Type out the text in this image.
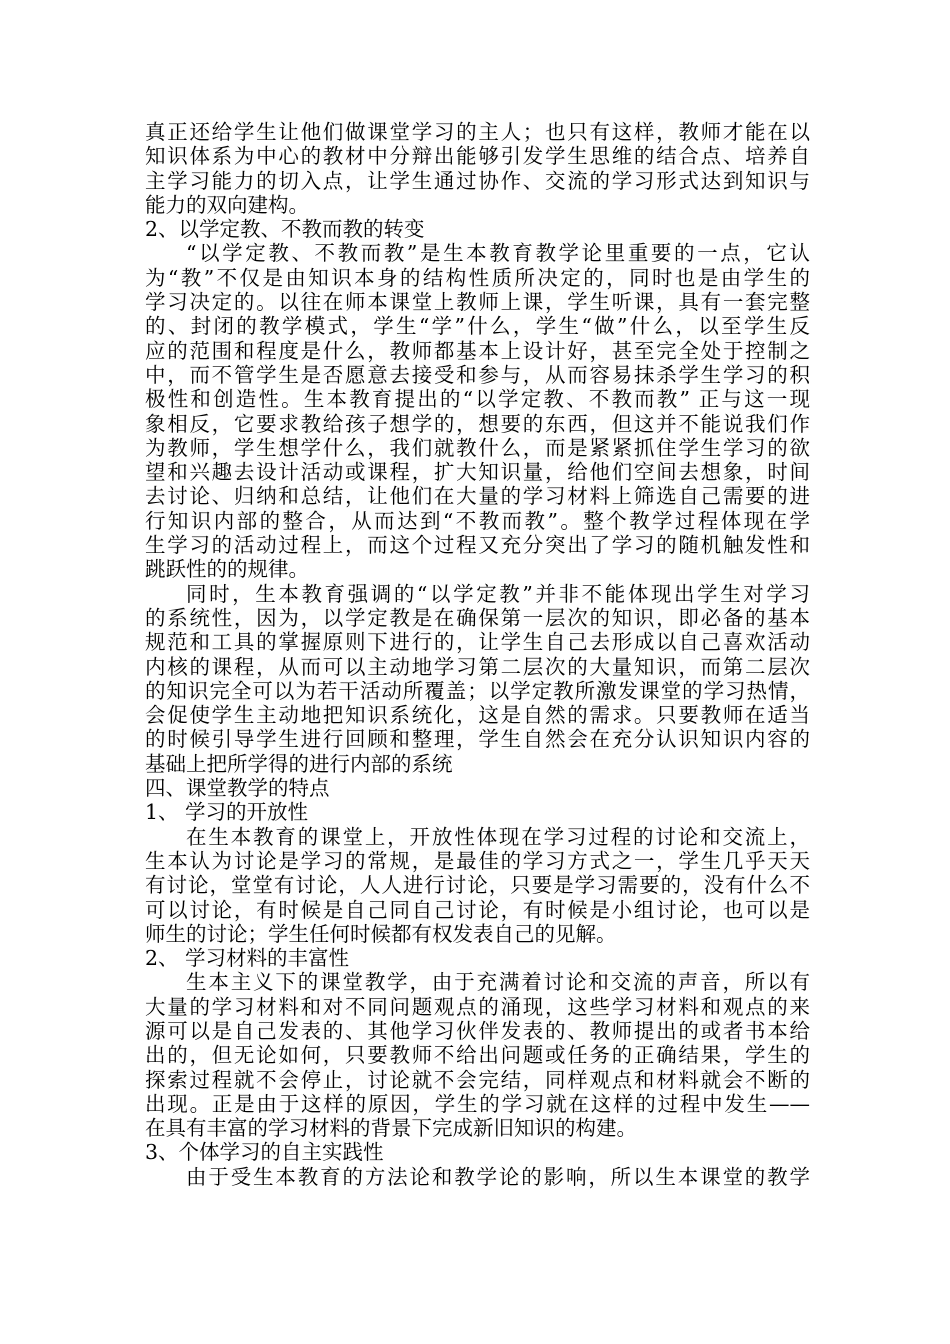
真正还给学生让他们做课堂学习的主人；也只有这样，教师才能在以
知识体系为中心的教材中分辩出能够引发学生思维的结合点、培养自
主学习能力的切入点，让学生通过协作、交流的学习形式达到知识与
能力的双向建构。
2、以学定教、不教而教的转变
“以学定教、不教而教”是生本教育教学论里重要的一点，它认
为“教”不仅是由知识本身的结构性质所决定的，同时也是由学生的
学习决定的。以往在师本课堂上教师上课，学生听课，具有一套完整
的、封闭的教学模式，学生“学”什么，学生“做”什么，以至学生反
应的范围和程度是什么，教师都基本上设计好，甚至完全处于控制之
中，而不管学生是否愿意去接受和参与，从而容易抹杀学生学习的积
极性和创造性。生本教育提出的“以学定教、不教而教” 正与这一现
象相反，它要求教给孩子想学的，想要的东西，但这并不能说我们作
为教师，学生想学什么，我们就教什么，而是紧紧抓住学生学习的欲
望和兴趣去设计活动或课程，扩大知识量，给他们空间去想象，时间
去讨论、归纳和总结，让他们在大量的学习材料上筛选自己需要的进
行知识内部的整合，从而达到“不教而教”。整个教学过程体现在学
生学习的活动过程上，而这个过程又充分突出了学习的随机触发性和
跳跃性的的规律。
同时，生本教育强调的“以学定教”并非不能体现出学生对学习
的系统性，因为，以学定教是在确保第一层次的知识，即必备的基本
规范和工具的掌握原则下进行的，让学生自己去形成以自己喜欢活动
内核的课程，从而可以主动地学习第二层次的大量知识，而第二层次
的知识完全可以为若干活动所覆盖；以学定教所激发课堂的学习热情，
会促使学生主动地把知识系统化，这是自然的需求。只要教师在适当
的时候引导学生进行回顾和整理，学生自然会在充分认识知识内容的
基础上把所学得的进行内部的系统
四、课堂教学的特点
1、 学习的开放性
在生本教育的课堂上，开放性体现在学习过程的讨论和交流上，
生本认为讨论是学习的常规，是最佳的学习方式之一，学生几乎天天
有讨论，堂堂有讨论，人人进行讨论，只要是学习需要的，没有什么不
可以讨论，有时候是自己同自己讨论，有时候是小组讨论，也可以是
师生的讨论；学生任何时候都有权发表自己的见解。
2、 学习材料的丰富性
生本主义下的课堂教学，由于充满着讨论和交流的声音，所以有
大量的学习材料和对不同问题观点的涌现，这些学习材料和观点的来
源可以是自己发表的、其他学习伙伴发表的、教师提出的或者书本给
出的，但无论如何，只要教师不给出问题或任务的正确结果，学生的
探索过程就不会停止，讨论就不会完结，同样观点和材料就会不断的
出现。正是由于这样的原因，学生的学习就在这样的过程中发生——
在具有丰富的学习材料的背景下完成新旧知识的构建。
3、个体学习的自主实践性
由于受生本教育的方法论和教学论的影响，所以生本课堂的教学
